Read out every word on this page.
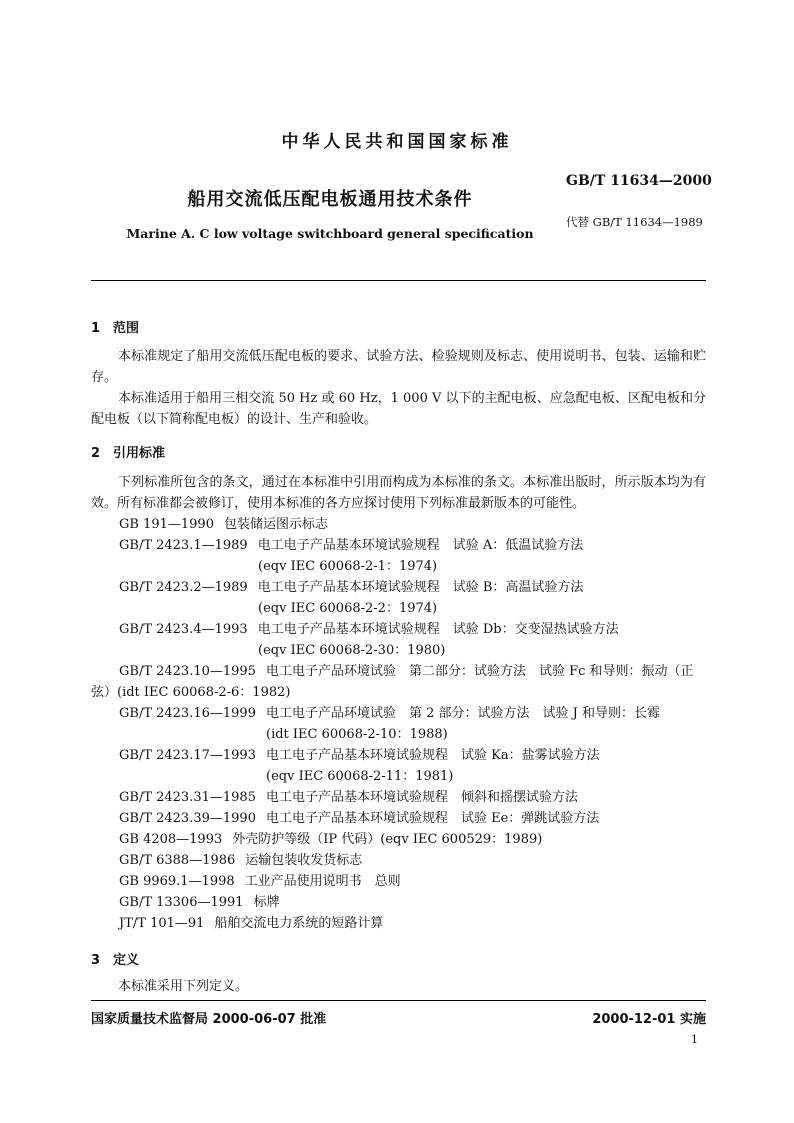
中华人民共和国国家标准
船用交流低压配电板通用技术条件
Marine A. C low voltage switchboard general specification
GB/T 11634—2000
代替 GB/T 11634—1989
1 范围
本标准规定了船用交流低压配电板的要求、试验方法、检验规则及标志、使用说明书、包装、运输和贮存。
本标准适用于船用三相交流 50 Hz 或 60 Hz，1 000 V 以下的主配电板、应急配电板、区配电板和分配电板（以下简称配电板）的设计、生产和验收。
2 引用标准
下列标准所包含的条文，通过在本标准中引用而构成为本标准的条文。本标准出版时，所示版本均为有效。所有标准都会被修订，使用本标准的各方应探讨使用下列标准最新版本的可能性。
GB 191—1990 包装储运图示标志
GB/T 2423.1—1989 电工电子产品基本环境试验规程　试验 A：低温试验方法
(eqv IEC 60068-2-1：1974)
GB/T 2423.2—1989 电工电子产品基本环境试验规程　试验 B：高温试验方法
(eqv IEC 60068-2-2：1974)
GB/T 2423.4—1993 电工电子产品基本环境试验规程　试验 Db：交变湿热试验方法
(eqv IEC 60068-2-30：1980)
GB/T 2423.10—1995 电工电子产品环境试验　第二部分：试验方法　试验 Fc 和导则：振动（正
弦）(idt IEC 60068-2-6：1982)
GB/T 2423.16—1999 电工电子产品环境试验　第 2 部分：试验方法　试验 J 和导则：长霉
(idt IEC 60068-2-10：1988)
GB/T 2423.17—1993 电工电子产品基本环境试验规程　试验 Ka：盐雾试验方法
(eqv IEC 60068-2-11：1981)
GB/T 2423.31—1985 电工电子产品基本环境试验规程　倾斜和摇摆试验方法
GB/T 2423.39—1990 电工电子产品基本环境试验规程　试验 Ee：弹跳试验方法
GB 4208—1993 外壳防护等级（IP 代码）(eqv IEC 600529：1989)
GB/T 6388—1986 运输包装收发货标志
GB 9969.1—1998 工业产品使用说明书　总则
GB/T 13306—1991 标牌
JT/T 101—91 船舶交流电力系统的短路计算
3 定义
本标准采用下列定义。
国家质量技术监督局 2000-06-07 批准	2000-12-01 实施
1
